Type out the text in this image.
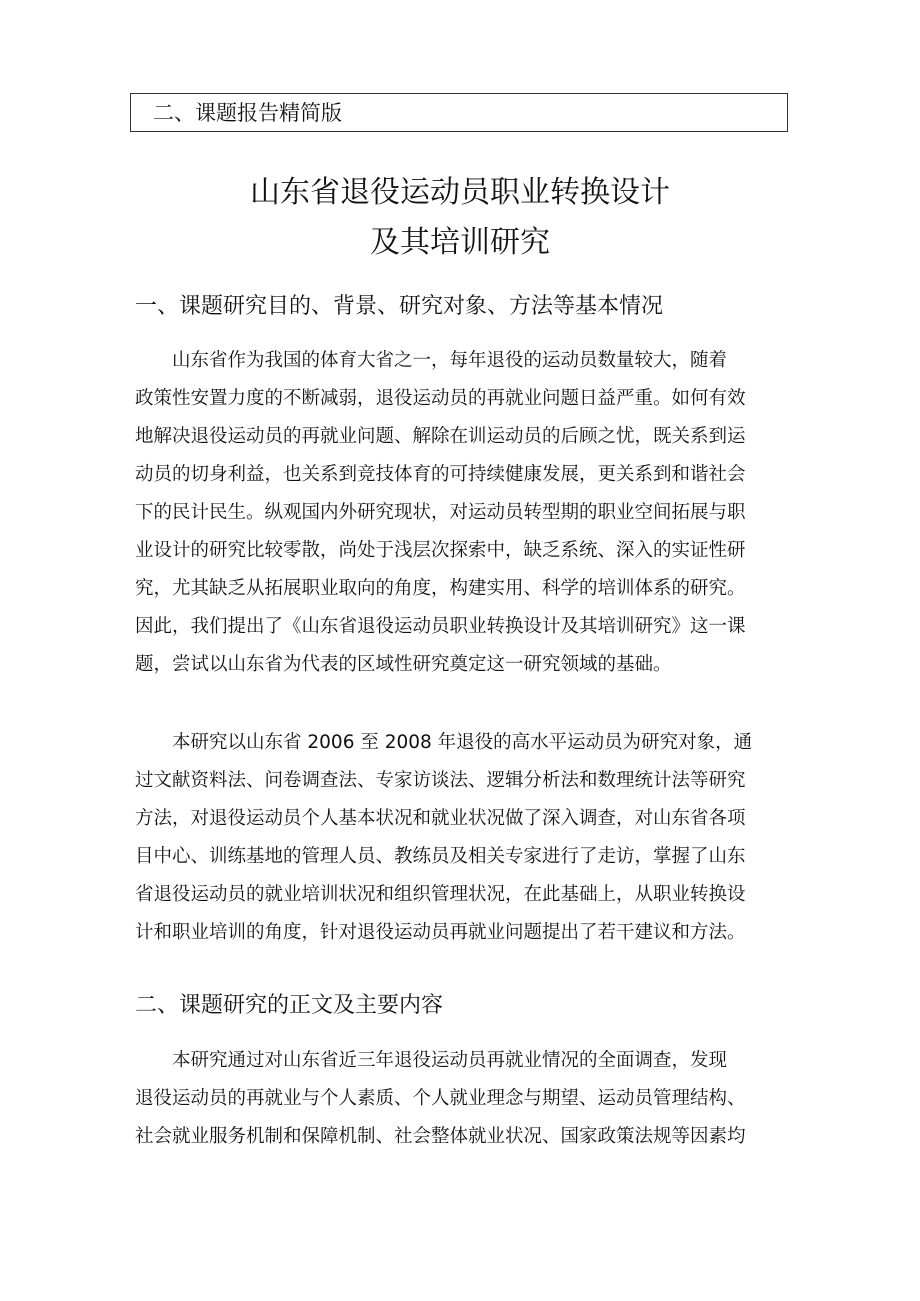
二、课题报告精简版
山东省退役运动员职业转换设计
及其培训研究
一、课题研究目的、背景、研究对象、方法等基本情况
　　山东省作为我国的体育大省之一，每年退役的运动员数量较大，随着
政策性安置力度的不断减弱，退役运动员的再就业问题日益严重。如何有效
地解决退役运动员的再就业问题、解除在训运动员的后顾之忧，既关系到运
动员的切身利益，也关系到竞技体育的可持续健康发展，更关系到和谐社会
下的民计民生。纵观国内外研究现状，对运动员转型期的职业空间拓展与职
业设计的研究比较零散，尚处于浅层次探索中，缺乏系统、深入的实证性研
究，尤其缺乏从拓展职业取向的角度，构建实用、科学的培训体系的研究。
因此，我们提出了《山东省退役运动员职业转换设计及其培训研究》这一课
题，尝试以山东省为代表的区域性研究奠定这一研究领域的基础。
　　本研究以山东省 2006 至 2008 年退役的高水平运动员为研究对象，通
过文献资料法、问卷调查法、专家访谈法、逻辑分析法和数理统计法等研究
方法，对退役运动员个人基本状况和就业状况做了深入调查，对山东省各项
目中心、训练基地的管理人员、教练员及相关专家进行了走访，掌握了山东
省退役运动员的就业培训状况和组织管理状况，在此基础上，从职业转换设
计和职业培训的角度，针对退役运动员再就业问题提出了若干建议和方法。
二、课题研究的正文及主要内容
　　本研究通过对山东省近三年退役运动员再就业情况的全面调查，发现
退役运动员的再就业与个人素质、个人就业理念与期望、运动员管理结构、
社会就业服务机制和保障机制、社会整体就业状况、国家政策法规等因素均
